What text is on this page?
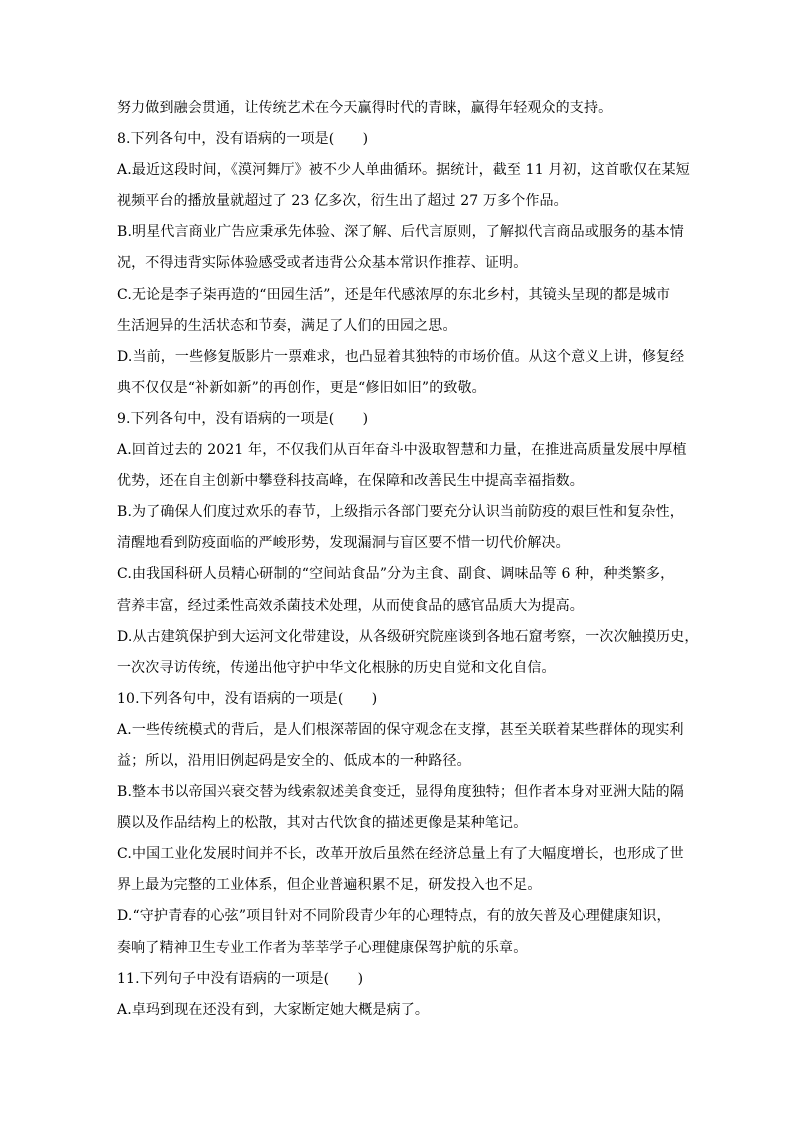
努力做到融会贯通，让传统艺术在今天赢得时代的青睐，赢得年轻观众的支持。
8.下列各句中，没有语病的一项是(　　)
A.最近这段时间，《漠河舞厅》被不少人单曲循环。据统计，截至 11 月初，这首歌仅在某短
视频平台的播放量就超过了 23 亿多次，衍生出了超过 27 万多个作品。
B.明星代言商业广告应秉承先体验、深了解、后代言原则，了解拟代言商品或服务的基本情
况，不得违背实际体验感受或者违背公众基本常识作推荐、证明。
C.无论是李子柒再造的“田园生活”，还是年代感浓厚的东北乡村，其镜头呈现的都是城市
生活迥异的生活状态和节奏，满足了人们的田园之思。
D.当前，一些修复版影片一票难求，也凸显着其独特的市场价值。从这个意义上讲，修复经
典不仅仅是“补新如新”的再创作，更是“修旧如旧”的致敬。
9.下列各句中，没有语病的一项是(　　)
A.回首过去的 2021 年，不仅我们从百年奋斗中汲取智慧和力量，在推进高质量发展中厚植
优势，还在自主创新中攀登科技高峰，在保障和改善民生中提高幸福指数。
B.为了确保人们度过欢乐的春节，上级指示各部门要充分认识当前防疫的艰巨性和复杂性，
清醒地看到防疫面临的严峻形势，发现漏洞与盲区要不惜一切代价解决。
C.由我国科研人员精心研制的“空间站食品”分为主食、副食、调味品等 6 种，种类繁多，
营养丰富，经过柔性高效杀菌技术处理，从而使食品的感官品质大为提高。
D.从古建筑保护到大运河文化带建设，从各级研究院座谈到各地石窟考察，一次次触摸历史，
一次次寻访传统，传递出他守护中华文化根脉的历史自觉和文化自信。
10.下列各句中，没有语病的一项是(　　)
A.一些传统模式的背后，是人们根深蒂固的保守观念在支撑，甚至关联着某些群体的现实利
益；所以，沿用旧例起码是安全的、低成本的一种路径。
B.整本书以帝国兴衰交替为线索叙述美食变迁，显得角度独特；但作者本身对亚洲大陆的隔
膜以及作品结构上的松散，其对古代饮食的描述更像是某种笔记。
C.中国工业化发展时间并不长，改革开放后虽然在经济总量上有了大幅度增长，也形成了世
界上最为完整的工业体系，但企业普遍积累不足，研发投入也不足。
D.“守护青春的心弦”项目针对不同阶段青少年的心理特点，有的放矢普及心理健康知识，
奏响了精神卫生专业工作者为莘莘学子心理健康保驾护航的乐章。
11.下列句子中没有语病的一项是(　　)
A.卓玛到现在还没有到，大家断定她大概是病了。
